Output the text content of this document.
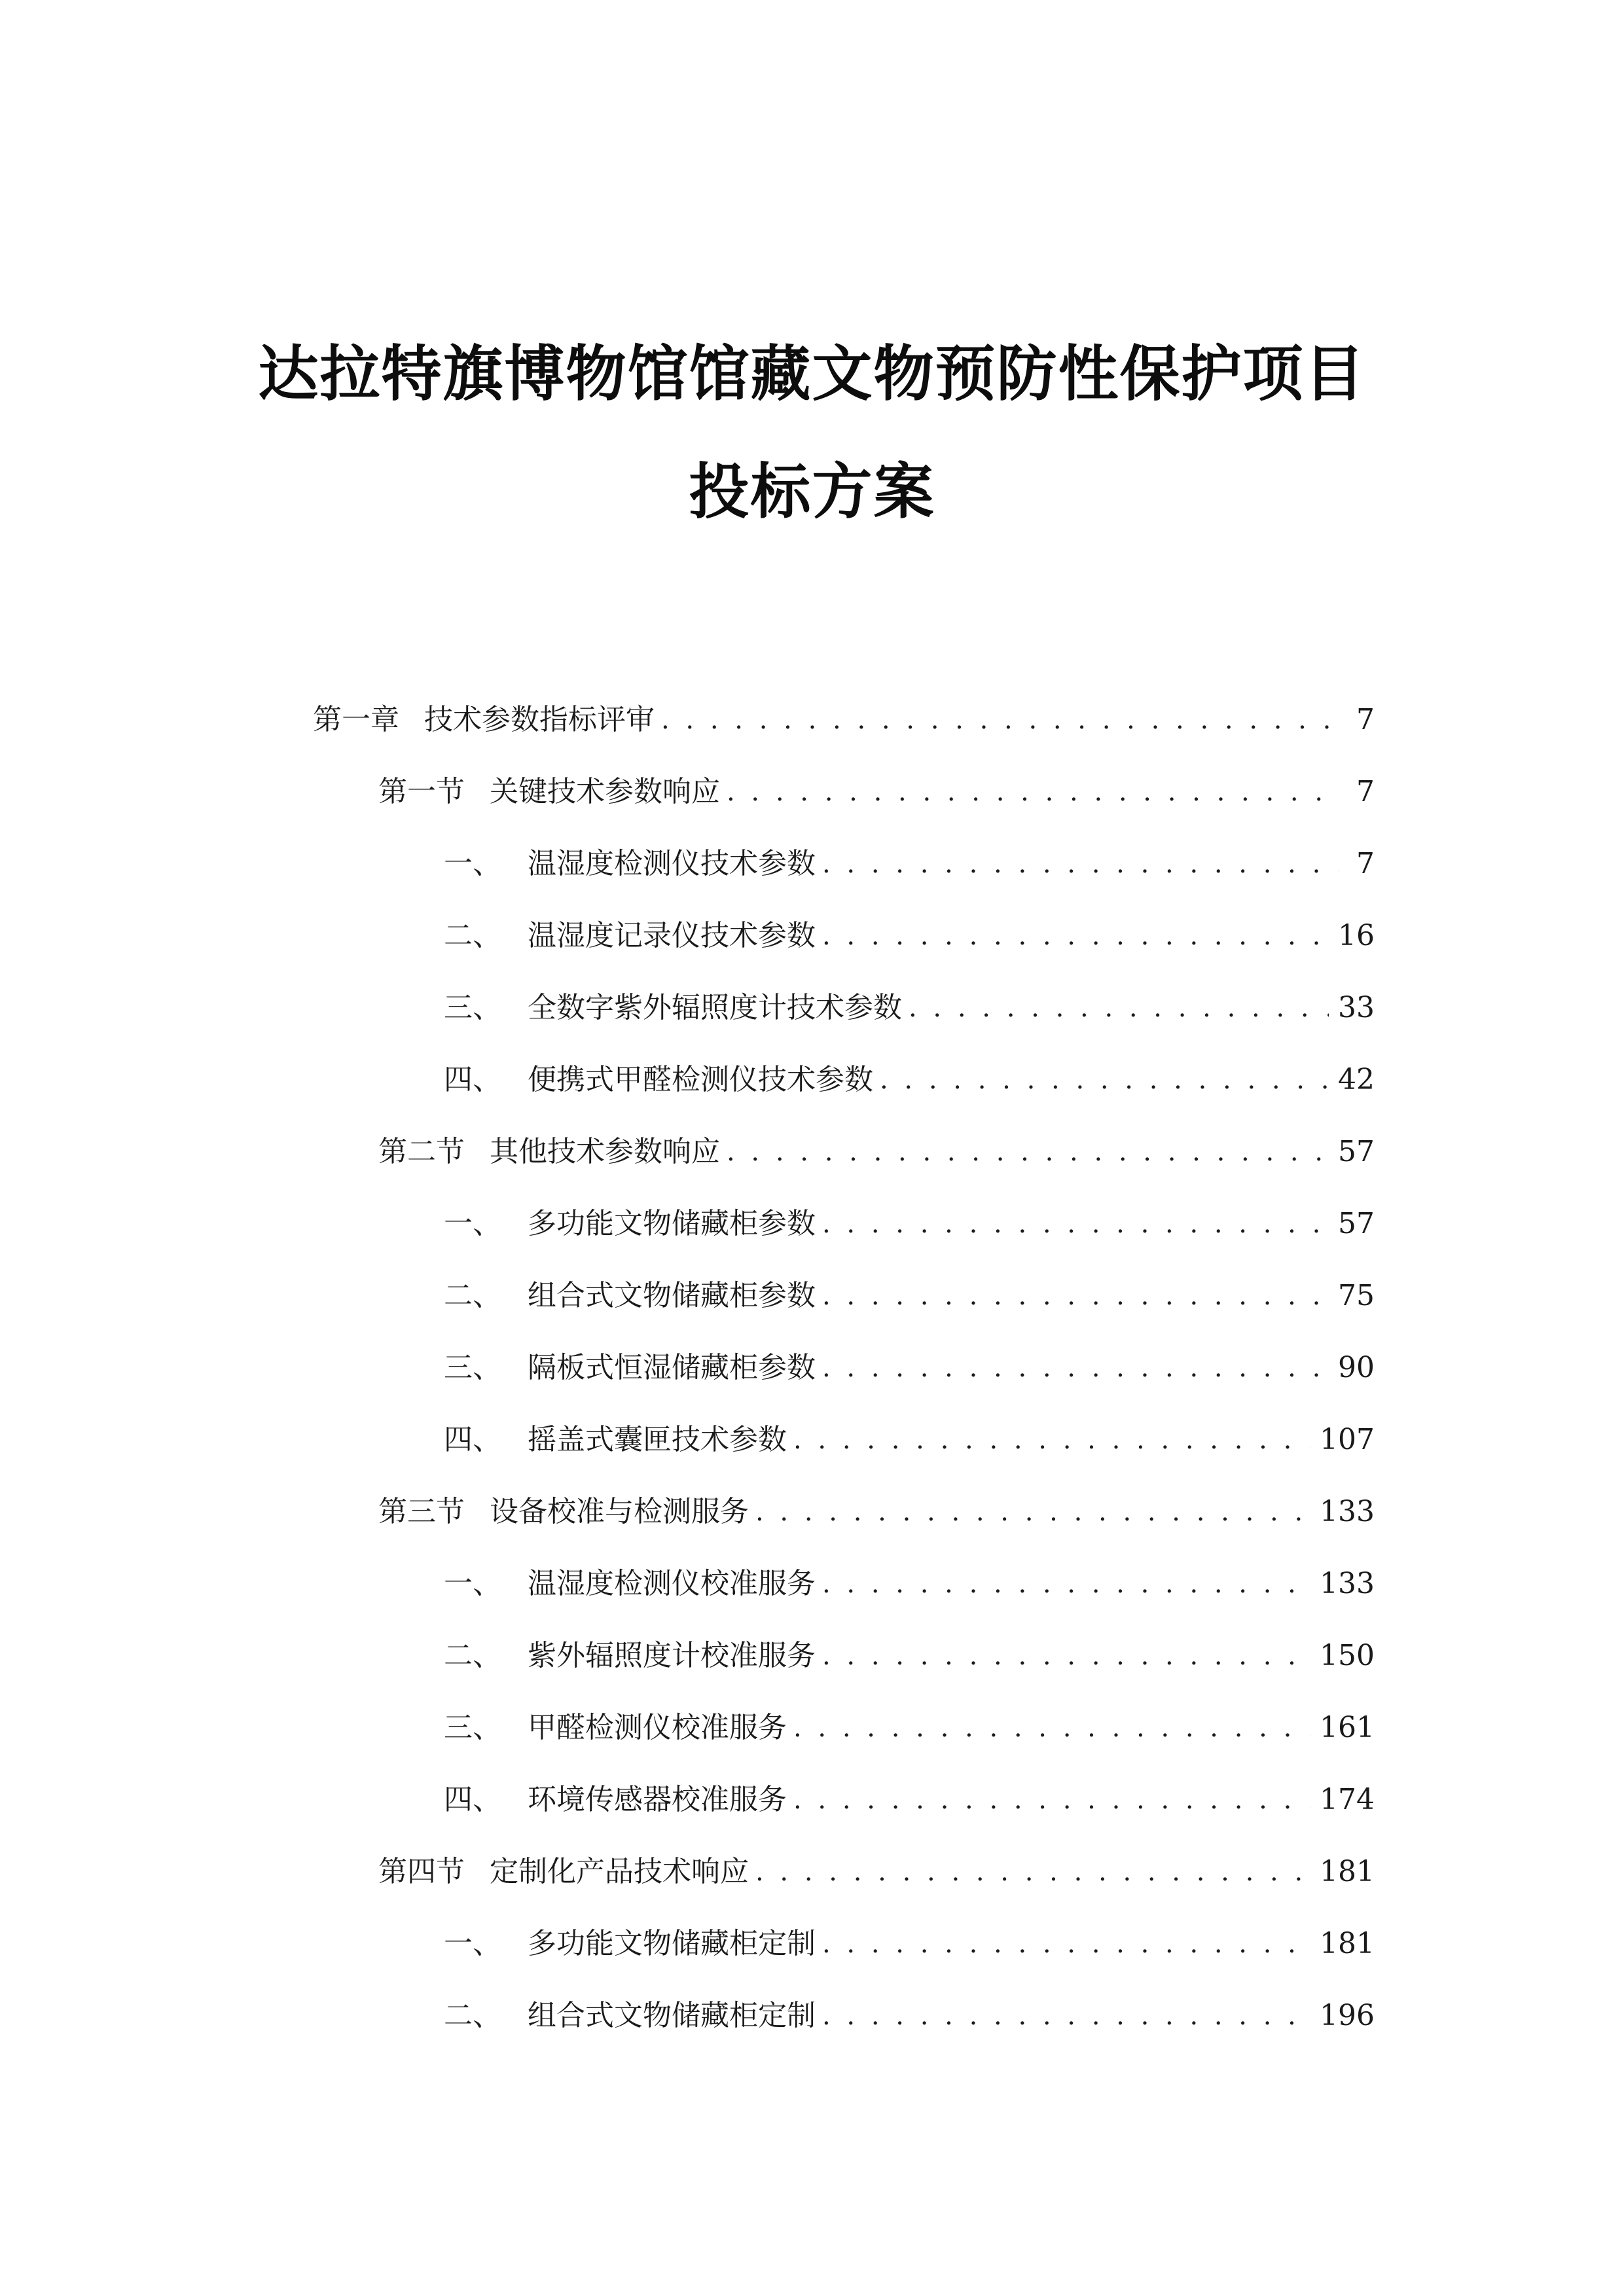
达拉特旗博物馆馆藏文物预防性保护项目
投标方案
第一章 技术参数指标评审 . . .	7
第一节 关键技术参数响应 . . .	7
一、 温湿度检测仪技术参数 . . .	7
二、 温湿度记录仪技术参数 . . .	16
三、 全数字紫外辐照度计技术参数 . . .	33
四、 便携式甲醛检测仪技术参数 . . .	42
第二节 其他技术参数响应 . . .	57
一、 多功能文物储藏柜参数 . . .	57
二、 组合式文物储藏柜参数 . . .	75
三、 隔板式恒湿储藏柜参数 . . .	90
四、 摇盖式囊匣技术参数 . . .	107
第三节 设备校准与检测服务 . . .	133
一、 温湿度检测仪校准服务 . . .	133
二、 紫外辐照度计校准服务 . . .	150
三、 甲醛检测仪校准服务 . . .	161
四、 环境传感器校准服务 . . .	174
第四节 定制化产品技术响应 . . .	181
一、 多功能文物储藏柜定制 . . .	181
二、 组合式文物储藏柜定制 . . .	196
